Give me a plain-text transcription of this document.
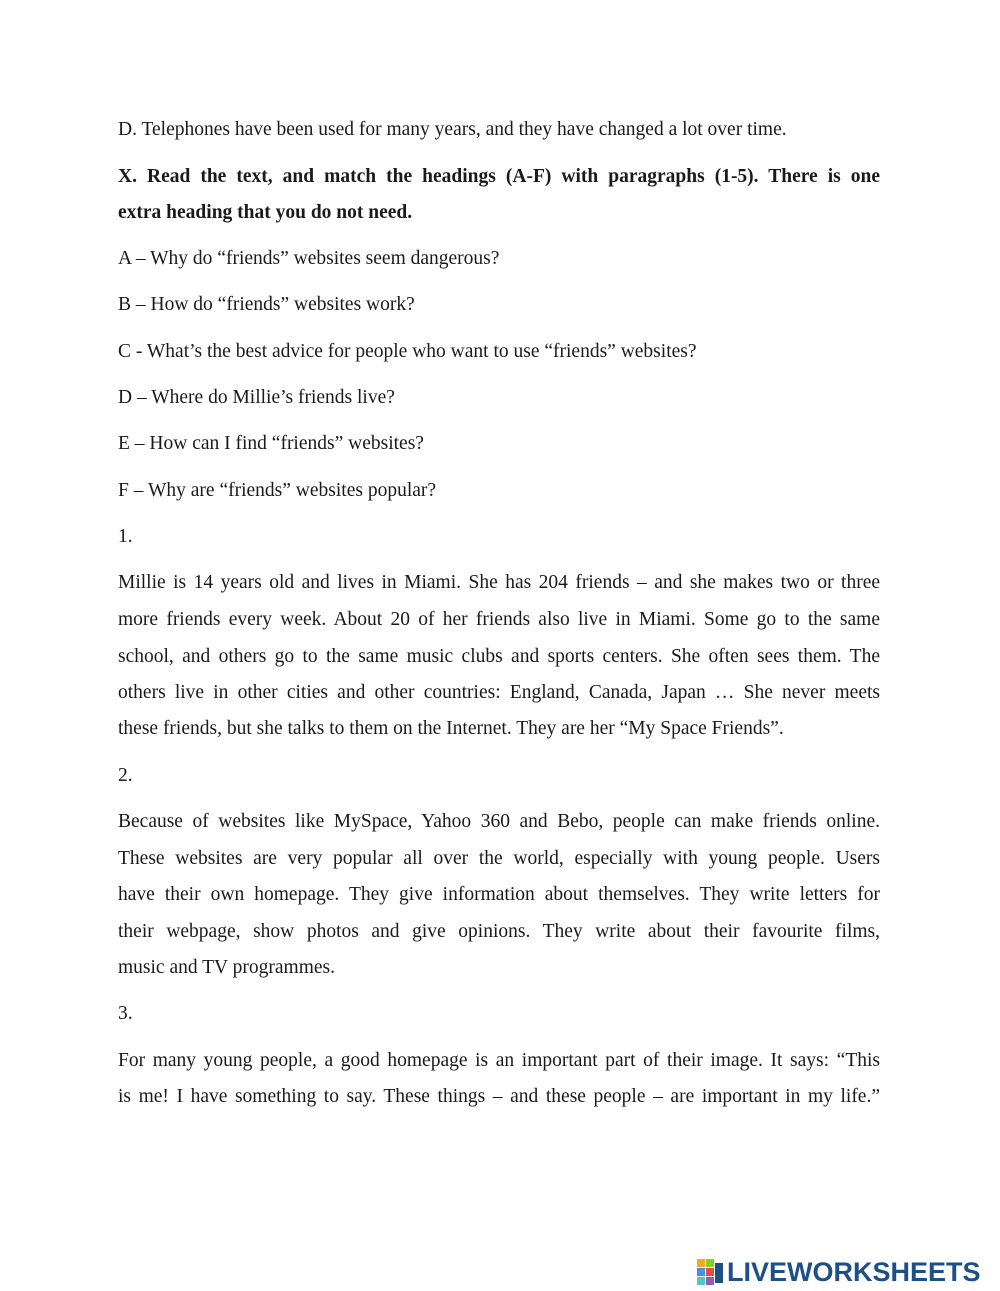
D. Telephones have been used for many years, and they have changed a lot over time.

X. Read the text, and match the headings (A-F) with paragraphs (1-5). There is one

extra heading that you do not need.

A – Why do “friends” websites seem dangerous?

B – How do “friends” websites work?

C - What’s the best advice for people who want to use “friends” websites?

D – Where do Millie’s friends live?

E – How can I find “friends” websites?

F – Why are “friends” websites popular?

1.

Millie is 14 years old and lives in Miami. She has 204 friends – and she makes two or three

more friends every week. About 20 of her friends also live in Miami. Some go to the same

school, and others go to the same music clubs and sports centers. She often sees them. The

others live in other cities and other countries: England, Canada, Japan … She never meets

these friends, but she talks to them on the Internet. They are her “My Space Friends”.

2.

Because of websites like MySpace, Yahoo 360 and Bebo, people can make friends online.

These websites are very popular all over the world, especially with young people. Users

have their own homepage. They give information about themselves. They write letters for

their webpage, show photos and give opinions. They write about their favourite films,

music and TV programmes.

3.

For many young people, a good homepage is an important part of their image. It says: “This

is me! I have something to say. These things – and these people – are important in my life.”

LIVEWORKSHEETS
